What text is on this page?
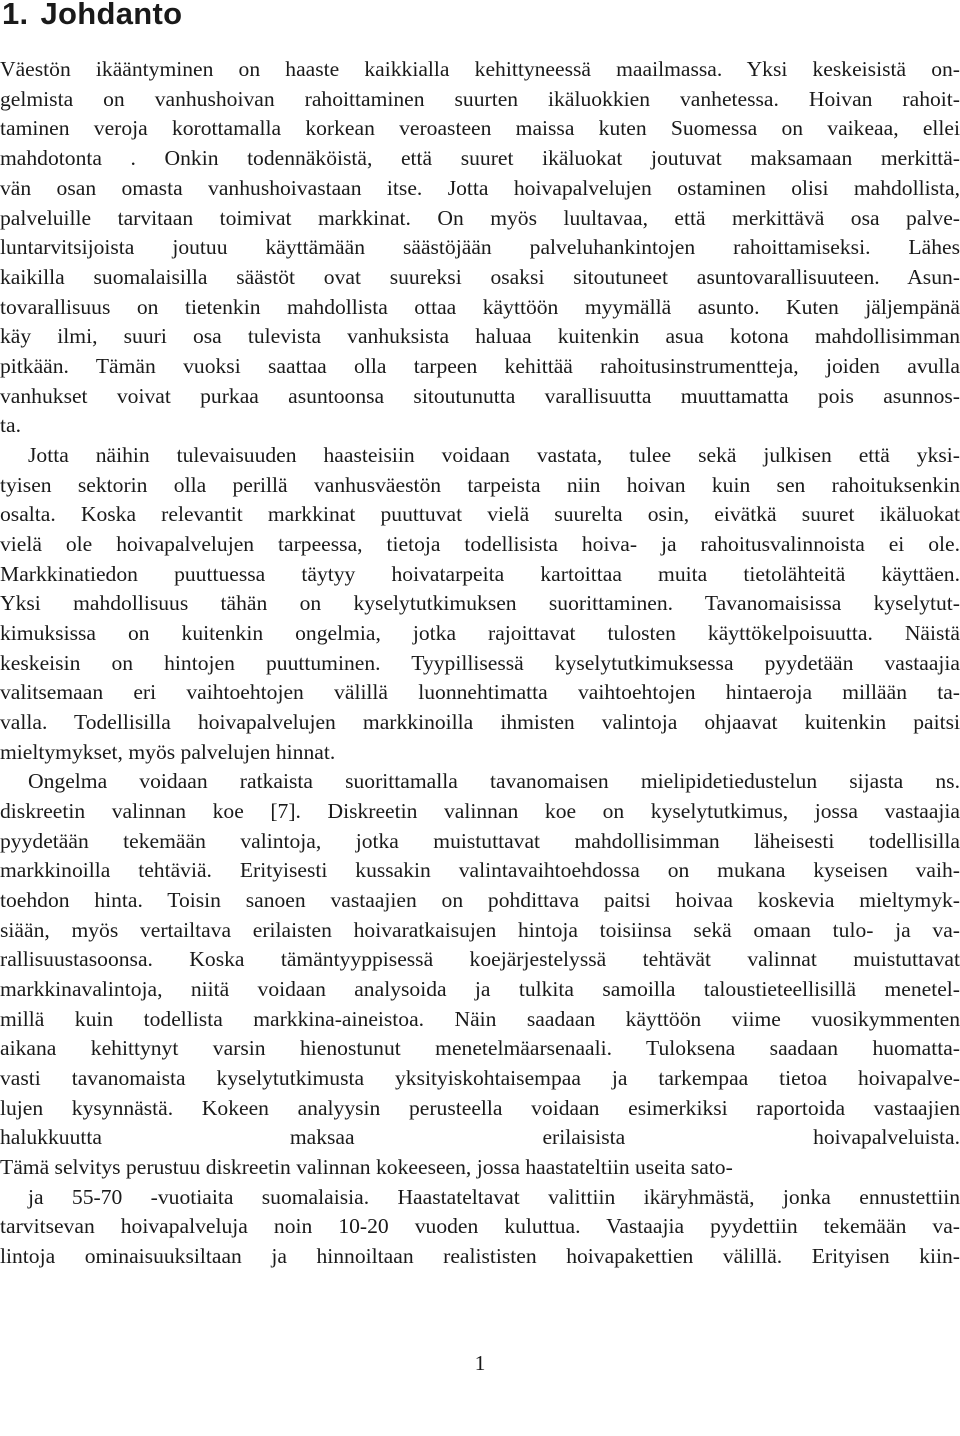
1. Johdanto

Väestön ikääntyminen on haaste kaikkialla kehittyneessä maailmassa. Yksi keskeisistä on-

gelmista on vanhushoivan rahoittaminen suurten ikäluokkien vanhetessa. Hoivan rahoit-

taminen veroja korottamalla korkean veroasteen maissa kuten Suomessa on vaikeaa, ellei

mahdotonta . Onkin todennäköistä, että suuret ikäluokat joutuvat maksamaan merkittä-

vän osan omasta vanhushoivastaan itse. Jotta hoivapalvelujen ostaminen olisi mahdollista,

palveluille tarvitaan toimivat markkinat. On myös luultavaa, että merkittävä osa palve-

luntarvitsijoista joutuu käyttämään säästöjään palveluhankintojen rahoittamiseksi. Lähes

kaikilla suomalaisilla säästöt ovat suureksi osaksi sitoutuneet asuntovarallisuuteen. Asun-

tovarallisuus on tietenkin mahdollista ottaa käyttöön myymällä asunto. Kuten jäljempänä

käy ilmi, suuri osa tulevista vanhuksista haluaa kuitenkin asua kotona mahdollisimman

pitkään. Tämän vuoksi saattaa olla tarpeen kehittää rahoitusinstrumentteja, joiden avulla

vanhukset voivat purkaa asuntoonsa sitoutunutta varallisuutta muuttamatta pois asunnos-

ta.

Jotta näihin tulevaisuuden haasteisiin voidaan vastata, tulee sekä julkisen että yksi-

tyisen sektorin olla perillä vanhusväestön tarpeista niin hoivan kuin sen rahoituksenkin

osalta. Koska relevantit markkinat puuttuvat vielä suurelta osin, eivätkä suuret ikäluokat

vielä ole hoivapalvelujen tarpeessa, tietoja todellisista hoiva- ja rahoitusvalinnoista ei ole.

Markkinatiedon puuttuessa täytyy hoivatarpeita kartoittaa muita tietolähteitä käyttäen.

Yksi mahdollisuus tähän on kyselytutkimuksen suorittaminen. Tavanomaisissa kyselytut-

kimuksissa on kuitenkin ongelmia, jotka rajoittavat tulosten käyttökelpoisuutta. Näistä

keskeisin on hintojen puuttuminen. Tyypillisessä kyselytutkimuksessa pyydetään vastaajia

valitsemaan eri vaihtoehtojen välillä luonnehtimatta vaihtoehtojen hintaeroja millään ta-

valla. Todellisilla hoivapalvelujen markkinoilla ihmisten valintoja ohjaavat kuitenkin paitsi

mieltymykset, myös palvelujen hinnat.

Ongelma voidaan ratkaista suorittamalla tavanomaisen mielipidetiedustelun sijasta ns.

diskreetin valinnan koe [7]. Diskreetin valinnan koe on kyselytutkimus, jossa vastaajia

pyydetään tekemään valintoja, jotka muistuttavat mahdollisimman läheisesti todellisilla

markkinoilla tehtäviä. Erityisesti kussakin valintavaihtoehdossa on mukana kyseisen vaih-

toehdon hinta. Toisin sanoen vastaajien on pohdittava paitsi hoivaa koskevia mieltymyk-

siään, myös vertailtava erilaisten hoivaratkaisujen hintoja toisiinsa sekä omaan tulo- ja va-

rallisuustasoonsa. Koska tämäntyyppisessä koejärjestelyssä tehtävät valinnat muistuttavat

markkinavalintoja, niitä voidaan analysoida ja tulkita samoilla taloustieteellisillä menetel-

millä kuin todellista markkina-aineistoa. Näin saadaan käyttöön viime vuosikymmenten

aikana kehittynyt varsin hienostunut menetelmäarsenaali. Tuloksena saadaan huomatta-

vasti tavanomaista kyselytutkimusta yksityiskohtaisempaa ja tarkempaa tietoa hoivapalve-

lujen kysynnästä. Kokeen analyysin perusteella voidaan esimerkiksi raportoida vastaajien

halukkuutta maksaa erilaisista hoivapalveluista.

Tämä selvitys perustuu diskreetin valinnan kokeeseen, jossa haastateltiin useita sato-

ja 55-70 -vuotiaita suomalaisia. Haastateltavat valittiin ikäryhmästä, jonka ennustettiin

tarvitsevan hoivapalveluja noin 10-20 vuoden kuluttua. Vastaajia pyydettiin tekemään va-

lintoja ominaisuuksiltaan ja hinnoiltaan realististen hoivapakettien välillä. Erityisen kiin-

1
